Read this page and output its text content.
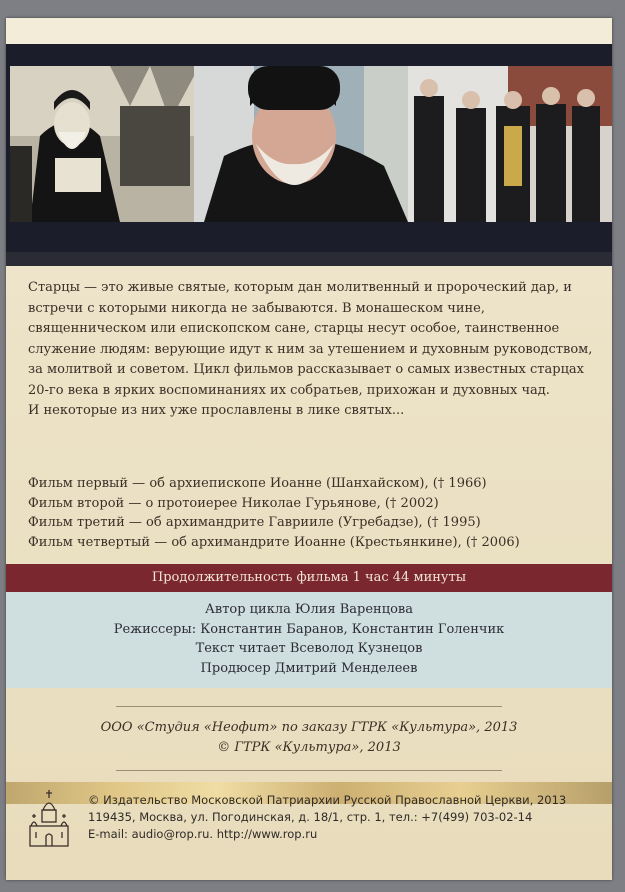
Старцы — это живые святые, которым дан молитвенный и пророческий дар, и встречи с которыми никогда не забываются. В монашеском чине, священническом или епископском сане, старцы несут особое, таинственное служение людям: верующие идут к ним за утешением и духовным руководством, за молитвой и советом. Цикл фильмов рассказывает о самых известных старцах 20-го века в ярких воспоминаниях их собратьев, прихожан и духовных чад.

И некоторые из них уже прославлены в лике святых...

Фильм первый — об архиепископе Иоанне (Шанхайском), († 1966)
Фильм второй — о протоиерее Николае Гурьянове, († 2002)
Фильм третий — об архимандрите Гаврииле (Угребадзе), († 1995)
Фильм четвертый — об архимандрите Иоанне (Крестьянкине), († 2006)
Продолжительность фильма 1 час 44 минуты
Автор цикла Юлия Варенцова
Режиссеры: Константин Баранов, Константин Голенчик
Текст читает Всеволод Кузнецов
Продюсер Дмитрий Менделеев
ООО «Студия «Неофит» по заказу ГТРК «Культура», 2013
© ГТРК «Культура», 2013
© Издательство Московской Патриархии Русской Православной Церкви, 2013
119435, Москва, ул. Погодинская, д. 18/1, стр. 1, тел.: +7(499) 703-02-14
E-mail: audio@rop.ru. http://www.rop.ru
